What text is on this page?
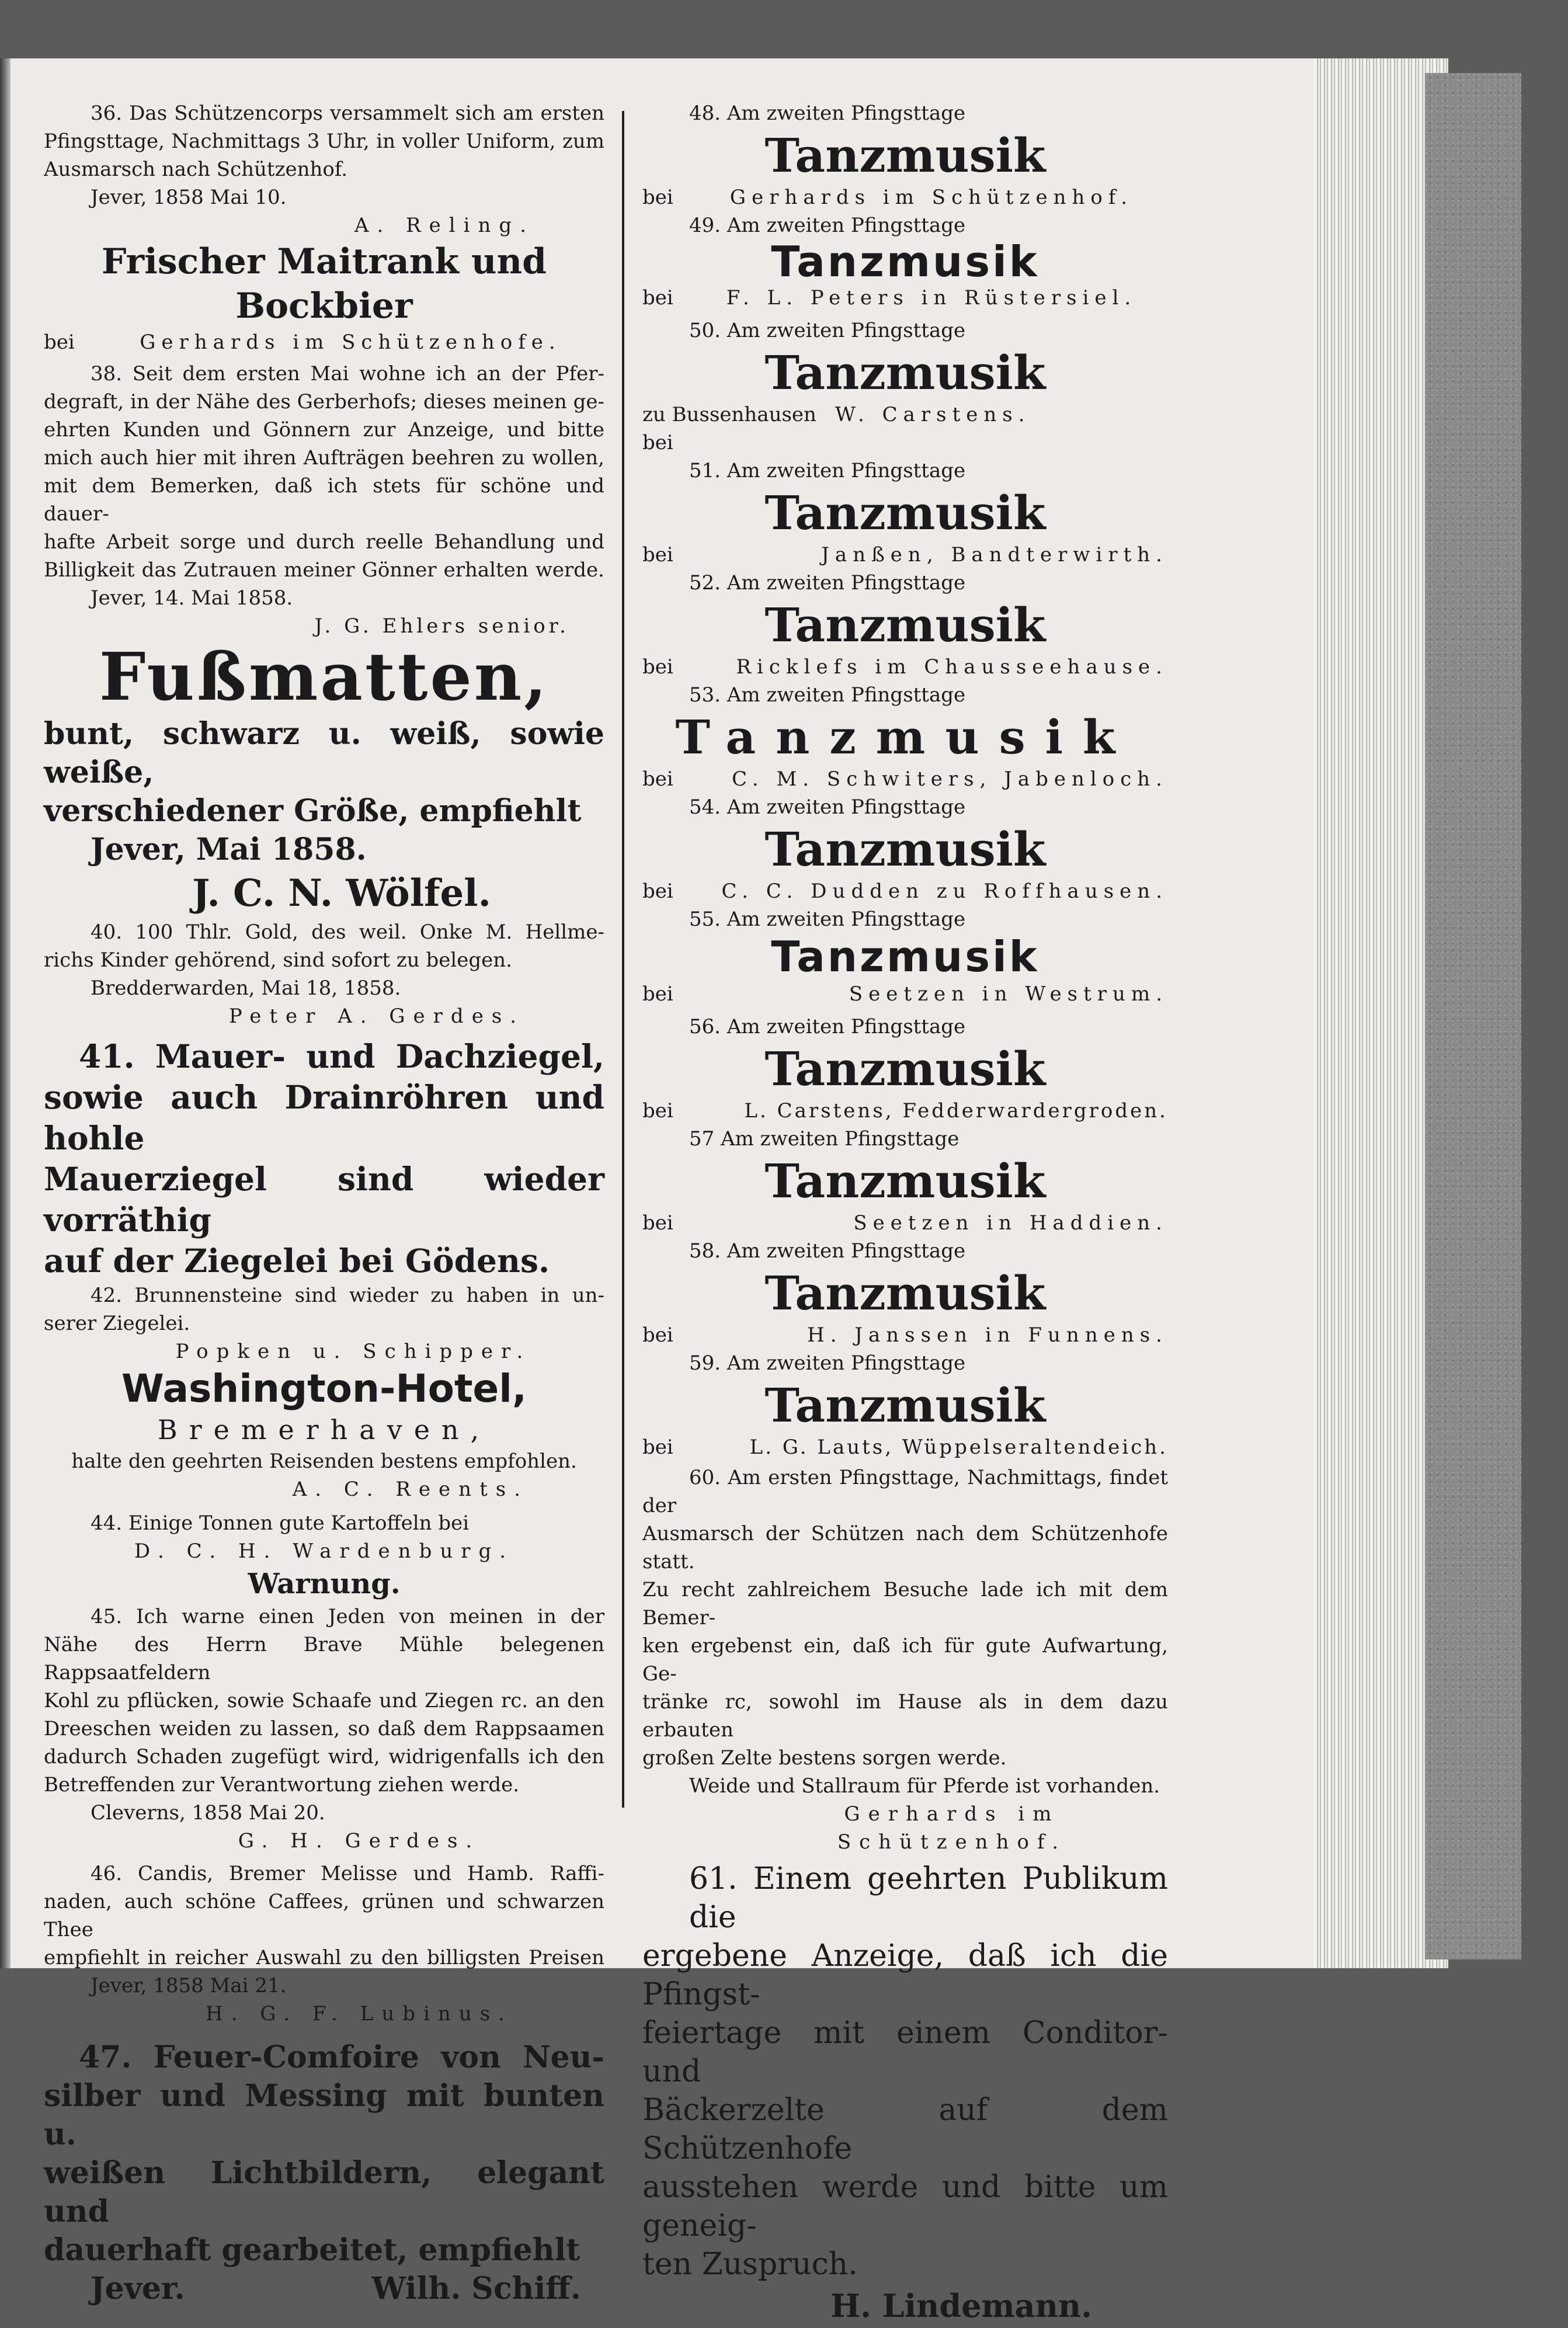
36. Das Schützencorps versammelt sich am ersten

Pfingsttage, Nachmittags 3 Uhr, in voller Uniform, zum

Ausmarsch nach Schützenhof.

Jever, 1858 Mai 10.

A. Reling.

Frischer Maitrank und Bockbier

bei	Gerhards im Schützenhofe.

38. Seit dem ersten Mai wohne ich an der Pfer-

degraft, in der Nähe des Gerberhofs; dieses meinen ge-

ehrten Kunden und Gönnern zur Anzeige, und bitte

mich auch hier mit ihren Aufträgen beehren zu wollen,

mit dem Bemerken, daß ich stets für schöne und dauer-

hafte Arbeit sorge und durch reelle Behandlung und

Billigkeit das Zutrauen meiner Gönner erhalten werde.

Jever, 14. Mai 1858.

J. G. Ehlers senior.

Fußmatten,

bunt, schwarz u. weiß, sowie weiße,

verschiedener Größe, empfiehlt

Jever, Mai 1858.

J. C. N. Wölfel.

40. 100 Thlr. Gold, des weil. Onke M. Hellme-

richs Kinder gehörend, sind sofort zu belegen.

Bredderwarden, Mai 18, 1858.

Peter A. Gerdes.

41. Mauer- und Dachziegel,

sowie auch Drainröhren und hohle

Mauerziegel sind wieder vorräthig

auf der Ziegelei bei Gödens.

42. Brunnensteine sind wieder zu haben in un-

serer Ziegelei.

Popken u. Schipper.

Washington-Hotel,

Bremerhaven,

halte den geehrten Reisenden bestens empfohlen.

A. C. Reents.

44. Einige Tonnen gute Kartoffeln bei

D. C. H. Wardenburg.

Warnung.

45. Ich warne einen Jeden von meinen in der

Nähe des Herrn Brave Mühle belegenen Rappsaatfeldern

Kohl zu pflücken, sowie Schaafe und Ziegen rc. an den

Dreeschen weiden zu lassen, so daß dem Rappsaamen

dadurch Schaden zugefügt wird, widrigenfalls ich den

Betreffenden zur Verantwortung ziehen werde.

Cleverns, 1858 Mai 20.

G. H. Gerdes.

46. Candis, Bremer Melisse und Hamb. Raffi-

naden, auch schöne Caffees, grünen und schwarzen Thee

empfiehlt in reicher Auswahl zu den billigsten Preisen

Jever, 1858 Mai 21.

H. G. F. Lubinus.

47. Feuer-Comfoire von Neu-

silber und Messing mit bunten u.

weißen Lichtbildern, elegant und

dauerhaft gearbeitet, empfiehlt

Jever.	Wilh. Schiff.

48. Am zweiten Pfingsttage

Tanzmusik

bei	Gerhards im Schützenhof.

49. Am zweiten Pfingsttage

Tanzmusik

bei	F. L. Peters in Rüstersiel.

50. Am zweiten Pfingsttage

Tanzmusik

zu Bussenhausen bei
W. Carstens.

51. Am zweiten Pfingsttage

Tanzmusik

bei	Janßen, Bandterwirth.

52. Am zweiten Pfingsttage

Tanzmusik

bei	Ricklefs im Chausseehause.

53. Am zweiten Pfingsttage

Tanzmusik

bei	C. M. Schwiters, Jabenloch.

54. Am zweiten Pfingsttage

Tanzmusik

bei	C. C. Dudden zu Roffhausen.

55. Am zweiten Pfingsttage

Tanzmusik

bei	Seetzen in Westrum.

56. Am zweiten Pfingsttage

Tanzmusik

bei	L. Carstens, Fedderwardergroden.

57 Am zweiten Pfingsttage

Tanzmusik

bei	Seetzen in Haddien.

58. Am zweiten Pfingsttage

Tanzmusik

bei	H. Janssen in Funnens.

59. Am zweiten Pfingsttage

Tanzmusik

bei	L. G. Lauts, Wüppelseraltendeich.

60. Am ersten Pfingsttage, Nachmittags, findet der

Ausmarsch der Schützen nach dem Schützenhofe statt.

Zu recht zahlreichem Besuche lade ich mit dem Bemer-

ken ergebenst ein, daß ich für gute Aufwartung, Ge-

tränke rc, sowohl im Hause als in dem dazu erbauten

großen Zelte bestens sorgen werde.

Weide und Stallraum für Pferde ist vorhanden.

Gerhards im Schützenhof.

61. Einem geehrten Publikum die

ergebene Anzeige, daß ich die Pfingst-

feiertage mit einem Conditor- und

Bäckerzelte auf dem Schützenhofe

ausstehen werde und bitte um geneig-

ten Zuspruch.

H. Lindemann.
